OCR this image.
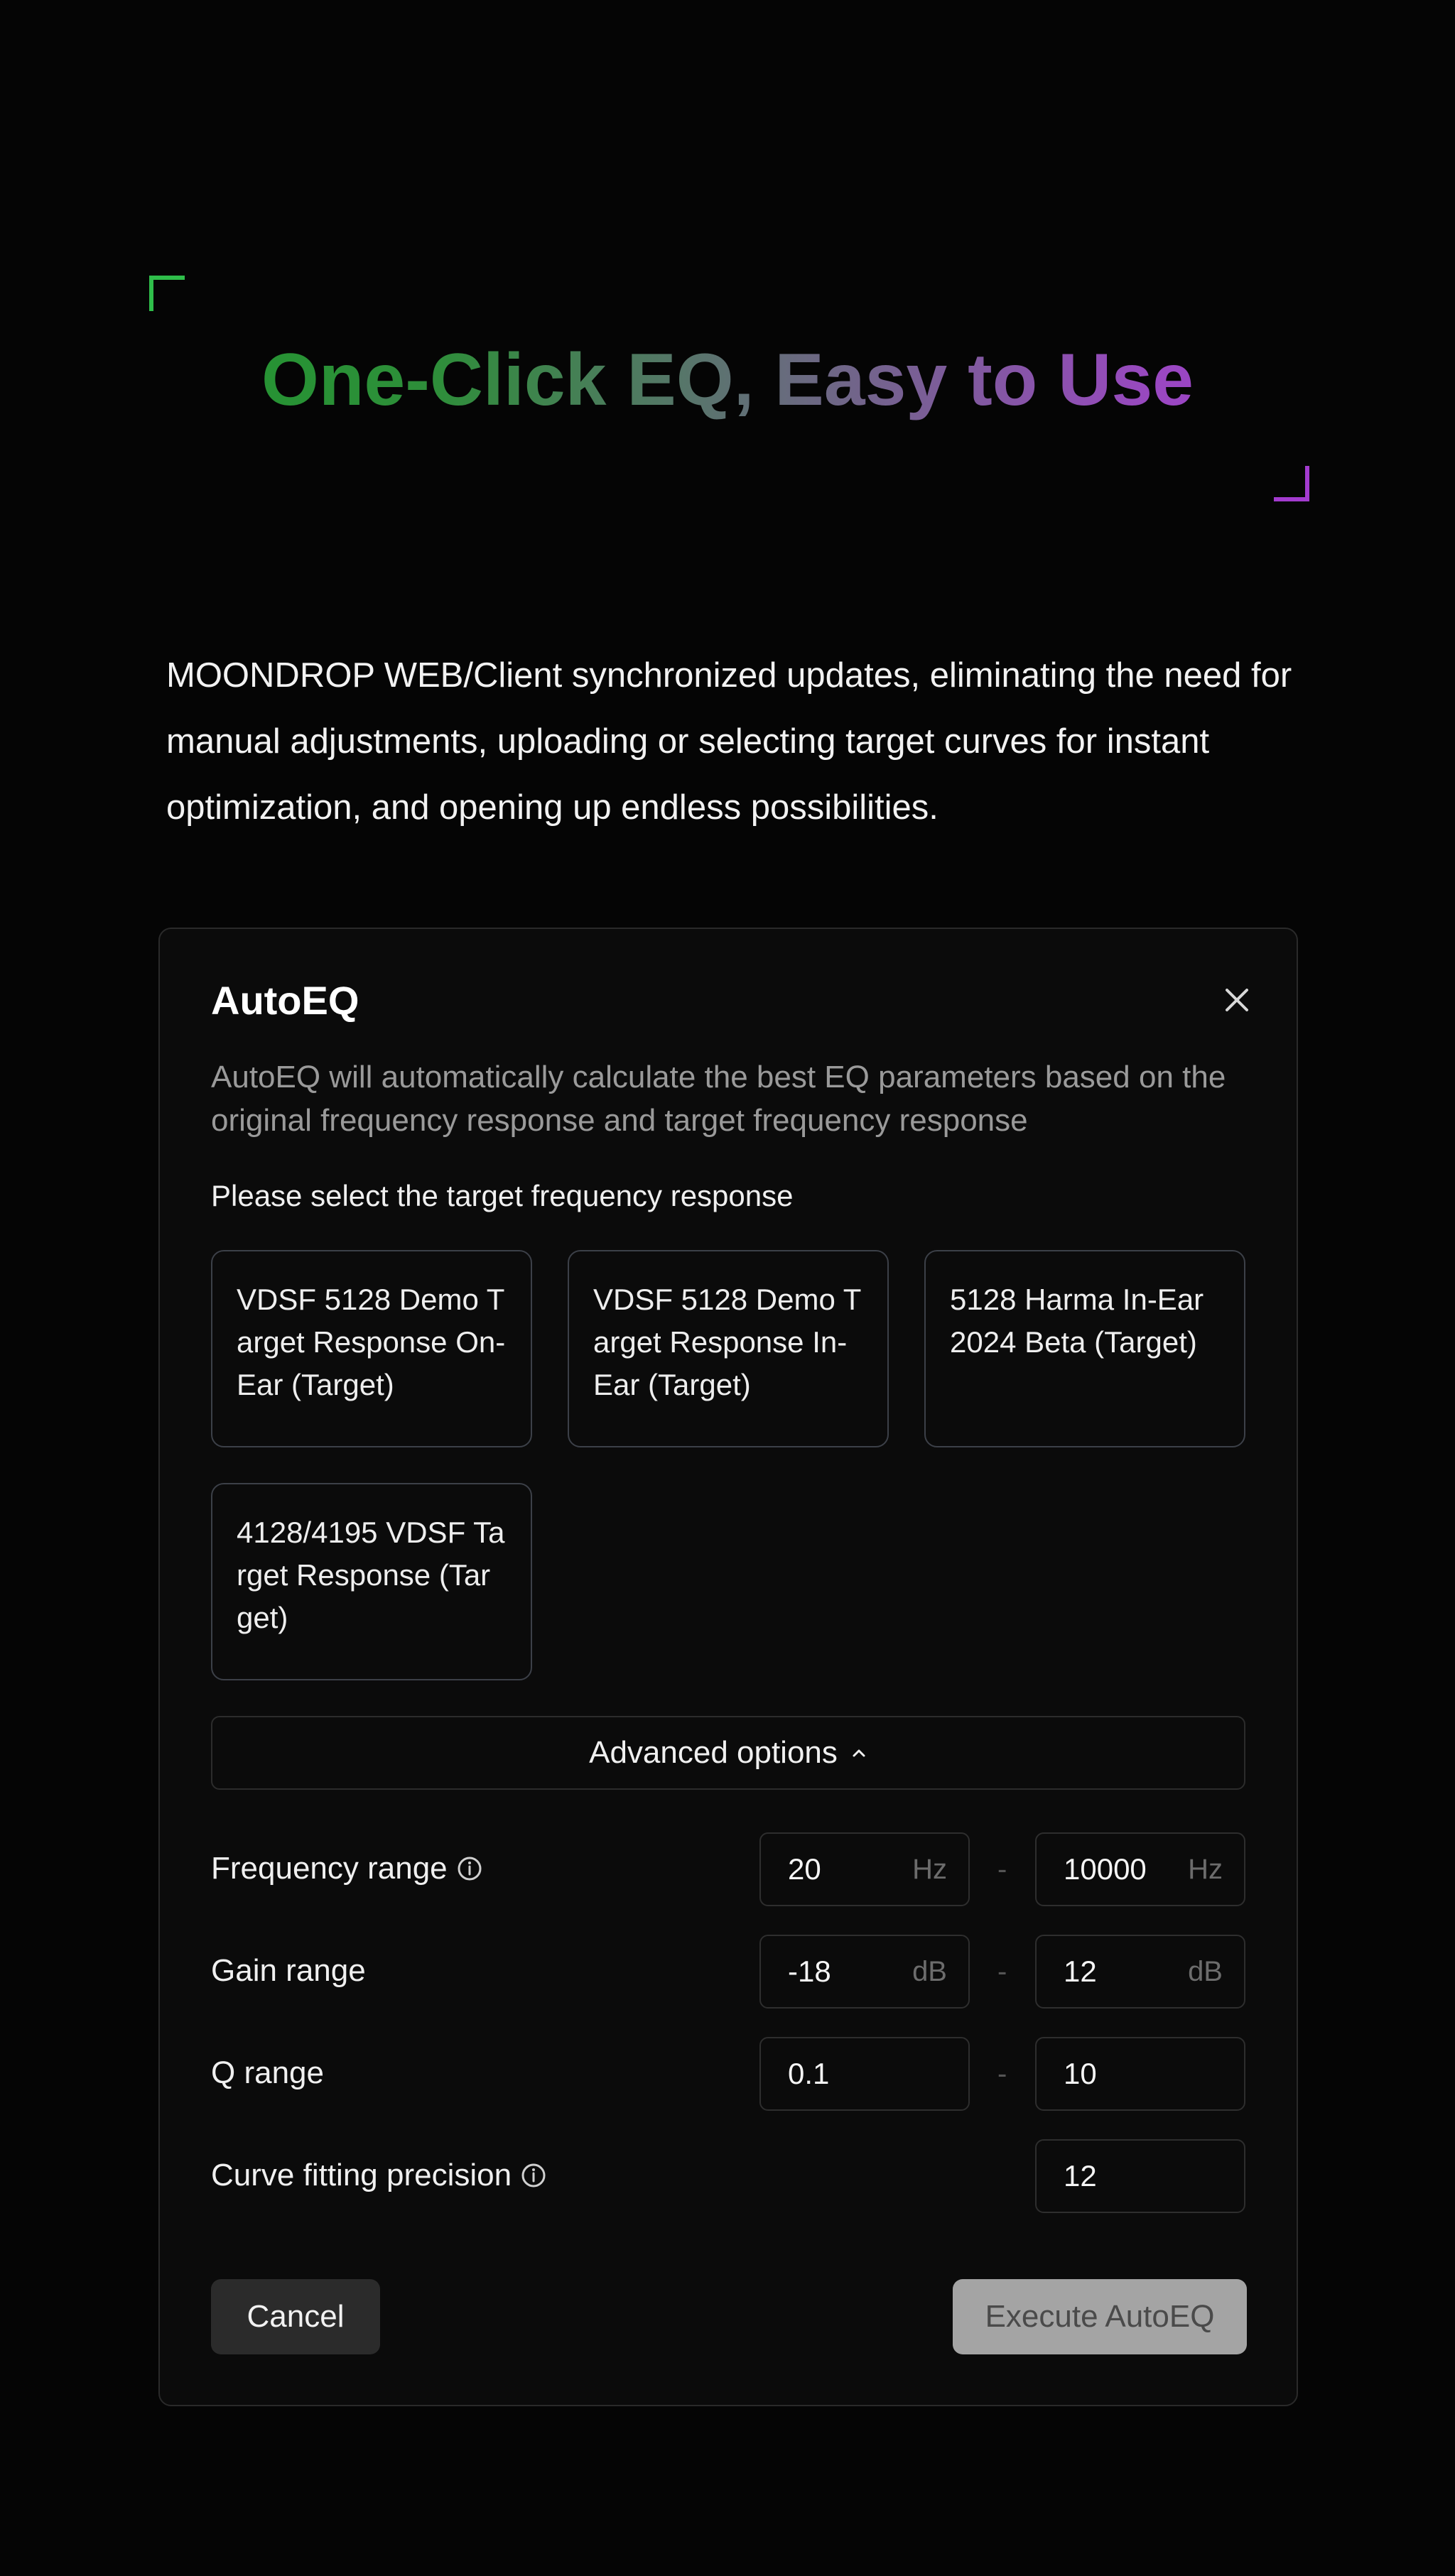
One-Click EQ, Easy to Use
MOONDROP WEB/Client synchronized updates, eliminating the need for manual adjustments, uploading or selecting target curves for instant optimization, and opening up endless possibilities.
AutoEQ
AutoEQ will automatically calculate the best EQ parameters based on the original frequency response and target frequency response
Please select the target frequency response
VDSF 5128 Demo Target Response On-Ear (Target)
VDSF 5128 Demo Target Response In-Ear (Target)
5128 Harma In-Ear 2024 Beta (Target)
4128/4195 VDSF Target Response (Target)
Advanced options
Frequency range	20	Hz - 10000 Hz
Gain range	-18	dB - 12	dB
Q range	0.1	- 10
Curve fitting precision	12
Cancel	Execute AutoEQ
